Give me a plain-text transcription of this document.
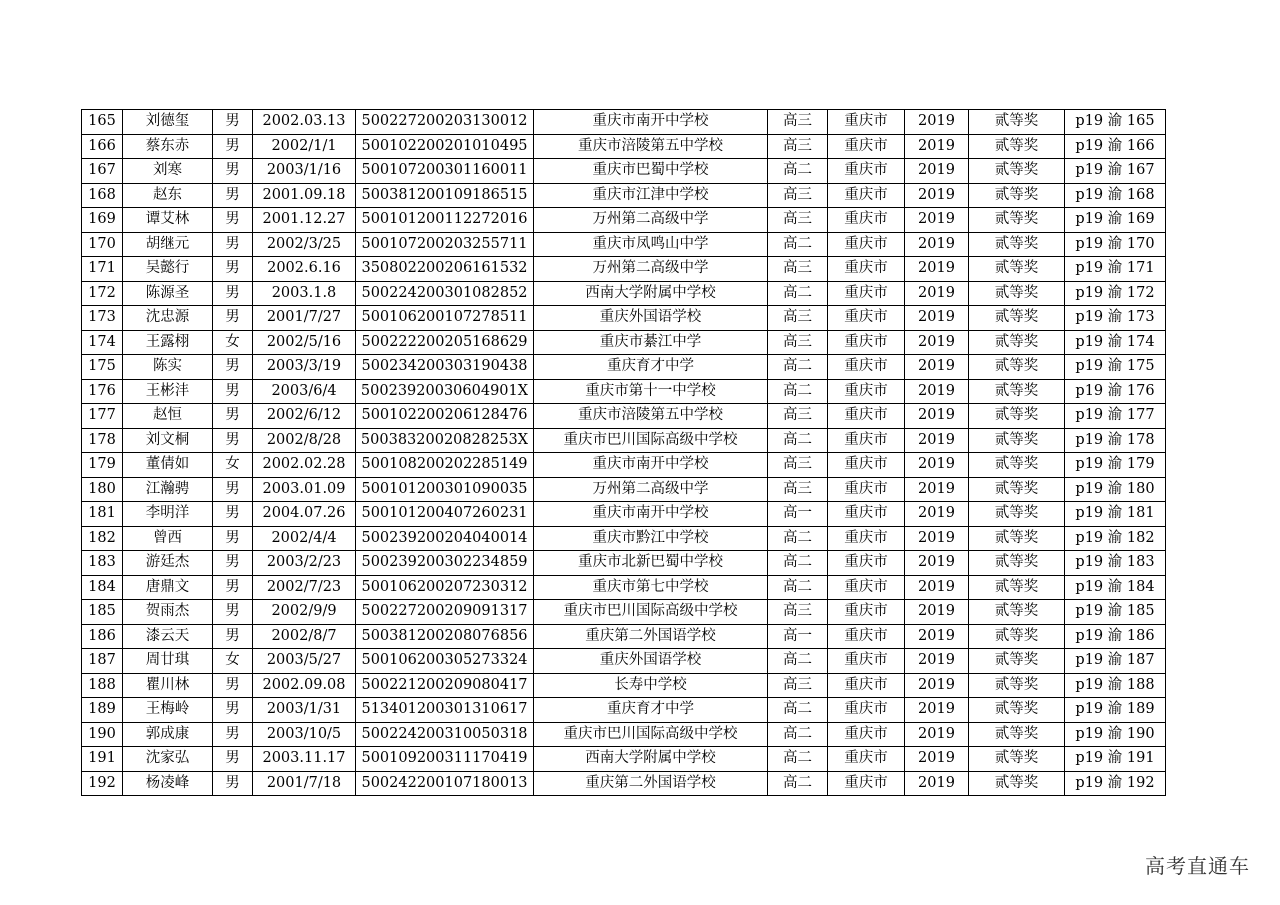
165	刘德玺	男	2002.03.13	500227200203130012	重庆市南开中学校	高三	重庆市	2019	贰等奖	p19 渝 165
166	蔡东赤	男	2002/1/1	500102200201010495	重庆市涪陵第五中学校	高三	重庆市	2019	贰等奖	p19 渝 166
167	刘寒	男	2003/1/16	500107200301160011	重庆市巴蜀中学校	高二	重庆市	2019	贰等奖	p19 渝 167
168	赵东	男	2001.09.18	500381200109186515	重庆市江津中学校	高三	重庆市	2019	贰等奖	p19 渝 168
169	谭艾林	男	2001.12.27	500101200112272016	万州第二高级中学	高三	重庆市	2019	贰等奖	p19 渝 169
170	胡继元	男	2002/3/25	500107200203255711	重庆市凤鸣山中学	高二	重庆市	2019	贰等奖	p19 渝 170
171	吴懿行	男	2002.6.16	350802200206161532	万州第二高级中学	高三	重庆市	2019	贰等奖	p19 渝 171
172	陈源圣	男	2003.1.8	500224200301082852	西南大学附属中学校	高二	重庆市	2019	贰等奖	p19 渝 172
173	沈忠源	男	2001/7/27	500106200107278511	重庆外国语学校	高三	重庆市	2019	贰等奖	p19 渝 173
174	王露栩	女	2002/5/16	500222200205168629	重庆市綦江中学	高三	重庆市	2019	贰等奖	p19 渝 174
175	陈实	男	2003/3/19	500234200303190438	重庆育才中学	高二	重庆市	2019	贰等奖	p19 渝 175
176	王彬沣	男	2003/6/4	50023920030604901X	重庆市第十一中学校	高二	重庆市	2019	贰等奖	p19 渝 176
177	赵恒	男	2002/6/12	500102200206128476	重庆市涪陵第五中学校	高三	重庆市	2019	贰等奖	p19 渝 177
178	刘文桐	男	2002/8/28	50038320020828253X	重庆市巴川国际高级中学校	高二	重庆市	2019	贰等奖	p19 渝 178
179	董倩如	女	2002.02.28	500108200202285149	重庆市南开中学校	高三	重庆市	2019	贰等奖	p19 渝 179
180	江瀚骋	男	2003.01.09	500101200301090035	万州第二高级中学	高三	重庆市	2019	贰等奖	p19 渝 180
181	李明洋	男	2004.07.26	500101200407260231	重庆市南开中学校	高一	重庆市	2019	贰等奖	p19 渝 181
182	曾西	男	2002/4/4	500239200204040014	重庆市黔江中学校	高二	重庆市	2019	贰等奖	p19 渝 182
183	游廷杰	男	2003/2/23	500239200302234859	重庆市北新巴蜀中学校	高二	重庆市	2019	贰等奖	p19 渝 183
184	唐鼎文	男	2002/7/23	500106200207230312	重庆市第七中学校	高二	重庆市	2019	贰等奖	p19 渝 184
185	贺雨杰	男	2002/9/9	500227200209091317	重庆市巴川国际高级中学校	高三	重庆市	2019	贰等奖	p19 渝 185
186	漆云天	男	2002/8/7	500381200208076856	重庆第二外国语学校	高一	重庆市	2019	贰等奖	p19 渝 186
187	周廿琪	女	2003/5/27	500106200305273324	重庆外国语学校	高二	重庆市	2019	贰等奖	p19 渝 187
188	瞿川林	男	2002.09.08	500221200209080417	长寿中学校	高三	重庆市	2019	贰等奖	p19 渝 188
189	王梅岭	男	2003/1/31	513401200301310617	重庆育才中学	高二	重庆市	2019	贰等奖	p19 渝 189
190	郭成康	男	2003/10/5	500224200310050318	重庆市巴川国际高级中学校	高二	重庆市	2019	贰等奖	p19 渝 190
191	沈家弘	男	2003.11.17	500109200311170419	西南大学附属中学校	高二	重庆市	2019	贰等奖	p19 渝 191
192	杨凌峰	男	2001/7/18	500242200107180013	重庆第二外国语学校	高二	重庆市	2019	贰等奖	p19 渝 192
高考直通车
